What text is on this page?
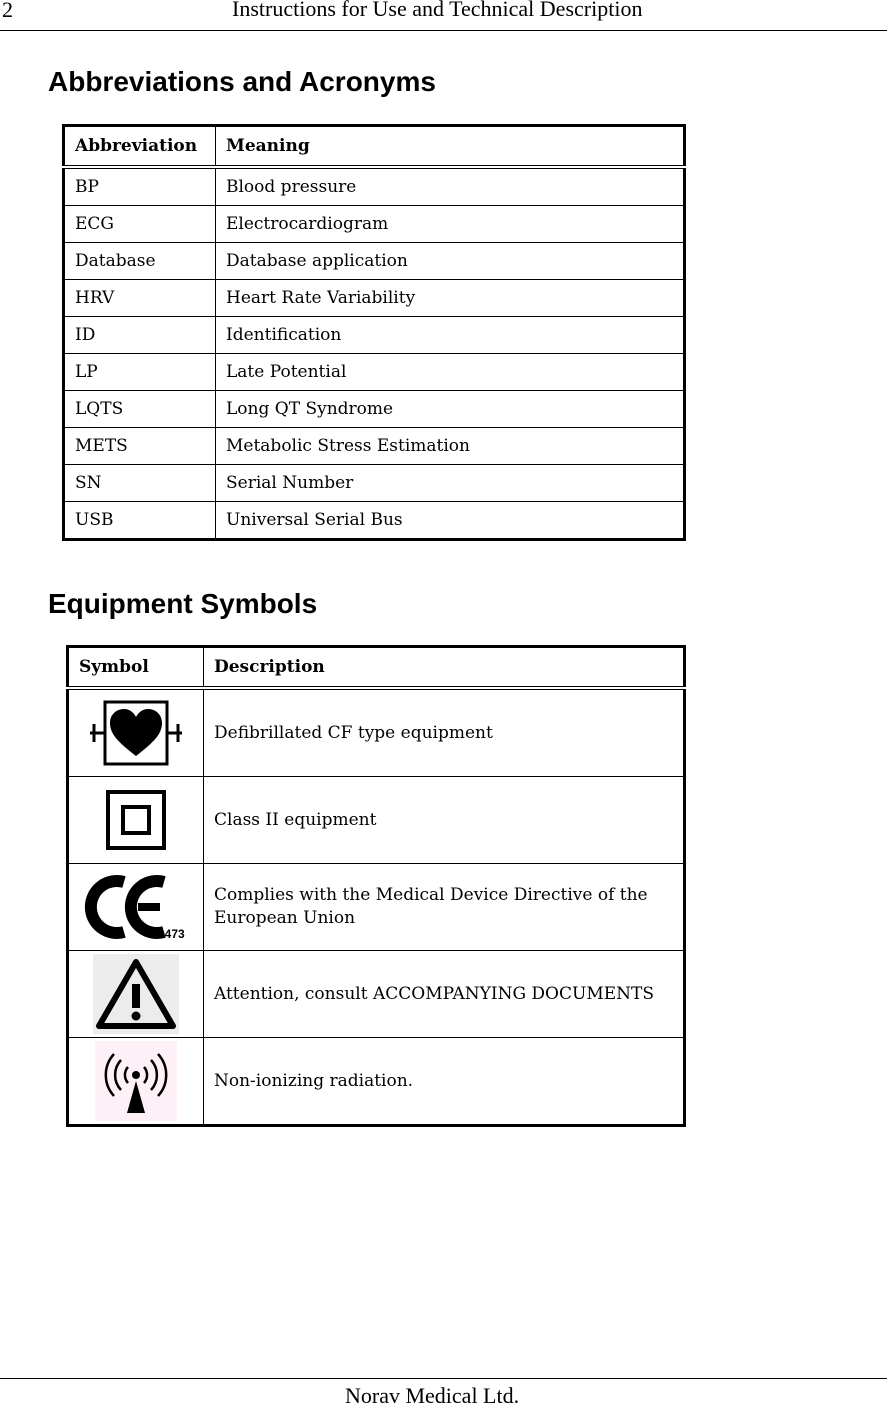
2	Instructions for Use and Technical Description
Abbreviations and Acronyms
Abbreviation	Meaning
BP	Blood pressure
ECG	Electrocardiogram
Database	Database application
HRV	Heart Rate Variability
ID	Identification
LP	Late Potential
LQTS	Long QT Syndrome
METS	Metabolic Stress Estimation
SN	Serial Number
USB	Universal Serial Bus
Equipment Symbols
Symbol	Description
	Defibrillated CF type equipment
	Class II equipment

0473	Complies with the Medical Device Directive of the European Union
	Attention, consult ACCOMPANYING DOCUMENTS
	Non-ionizing radiation.
Norav Medical Ltd.
